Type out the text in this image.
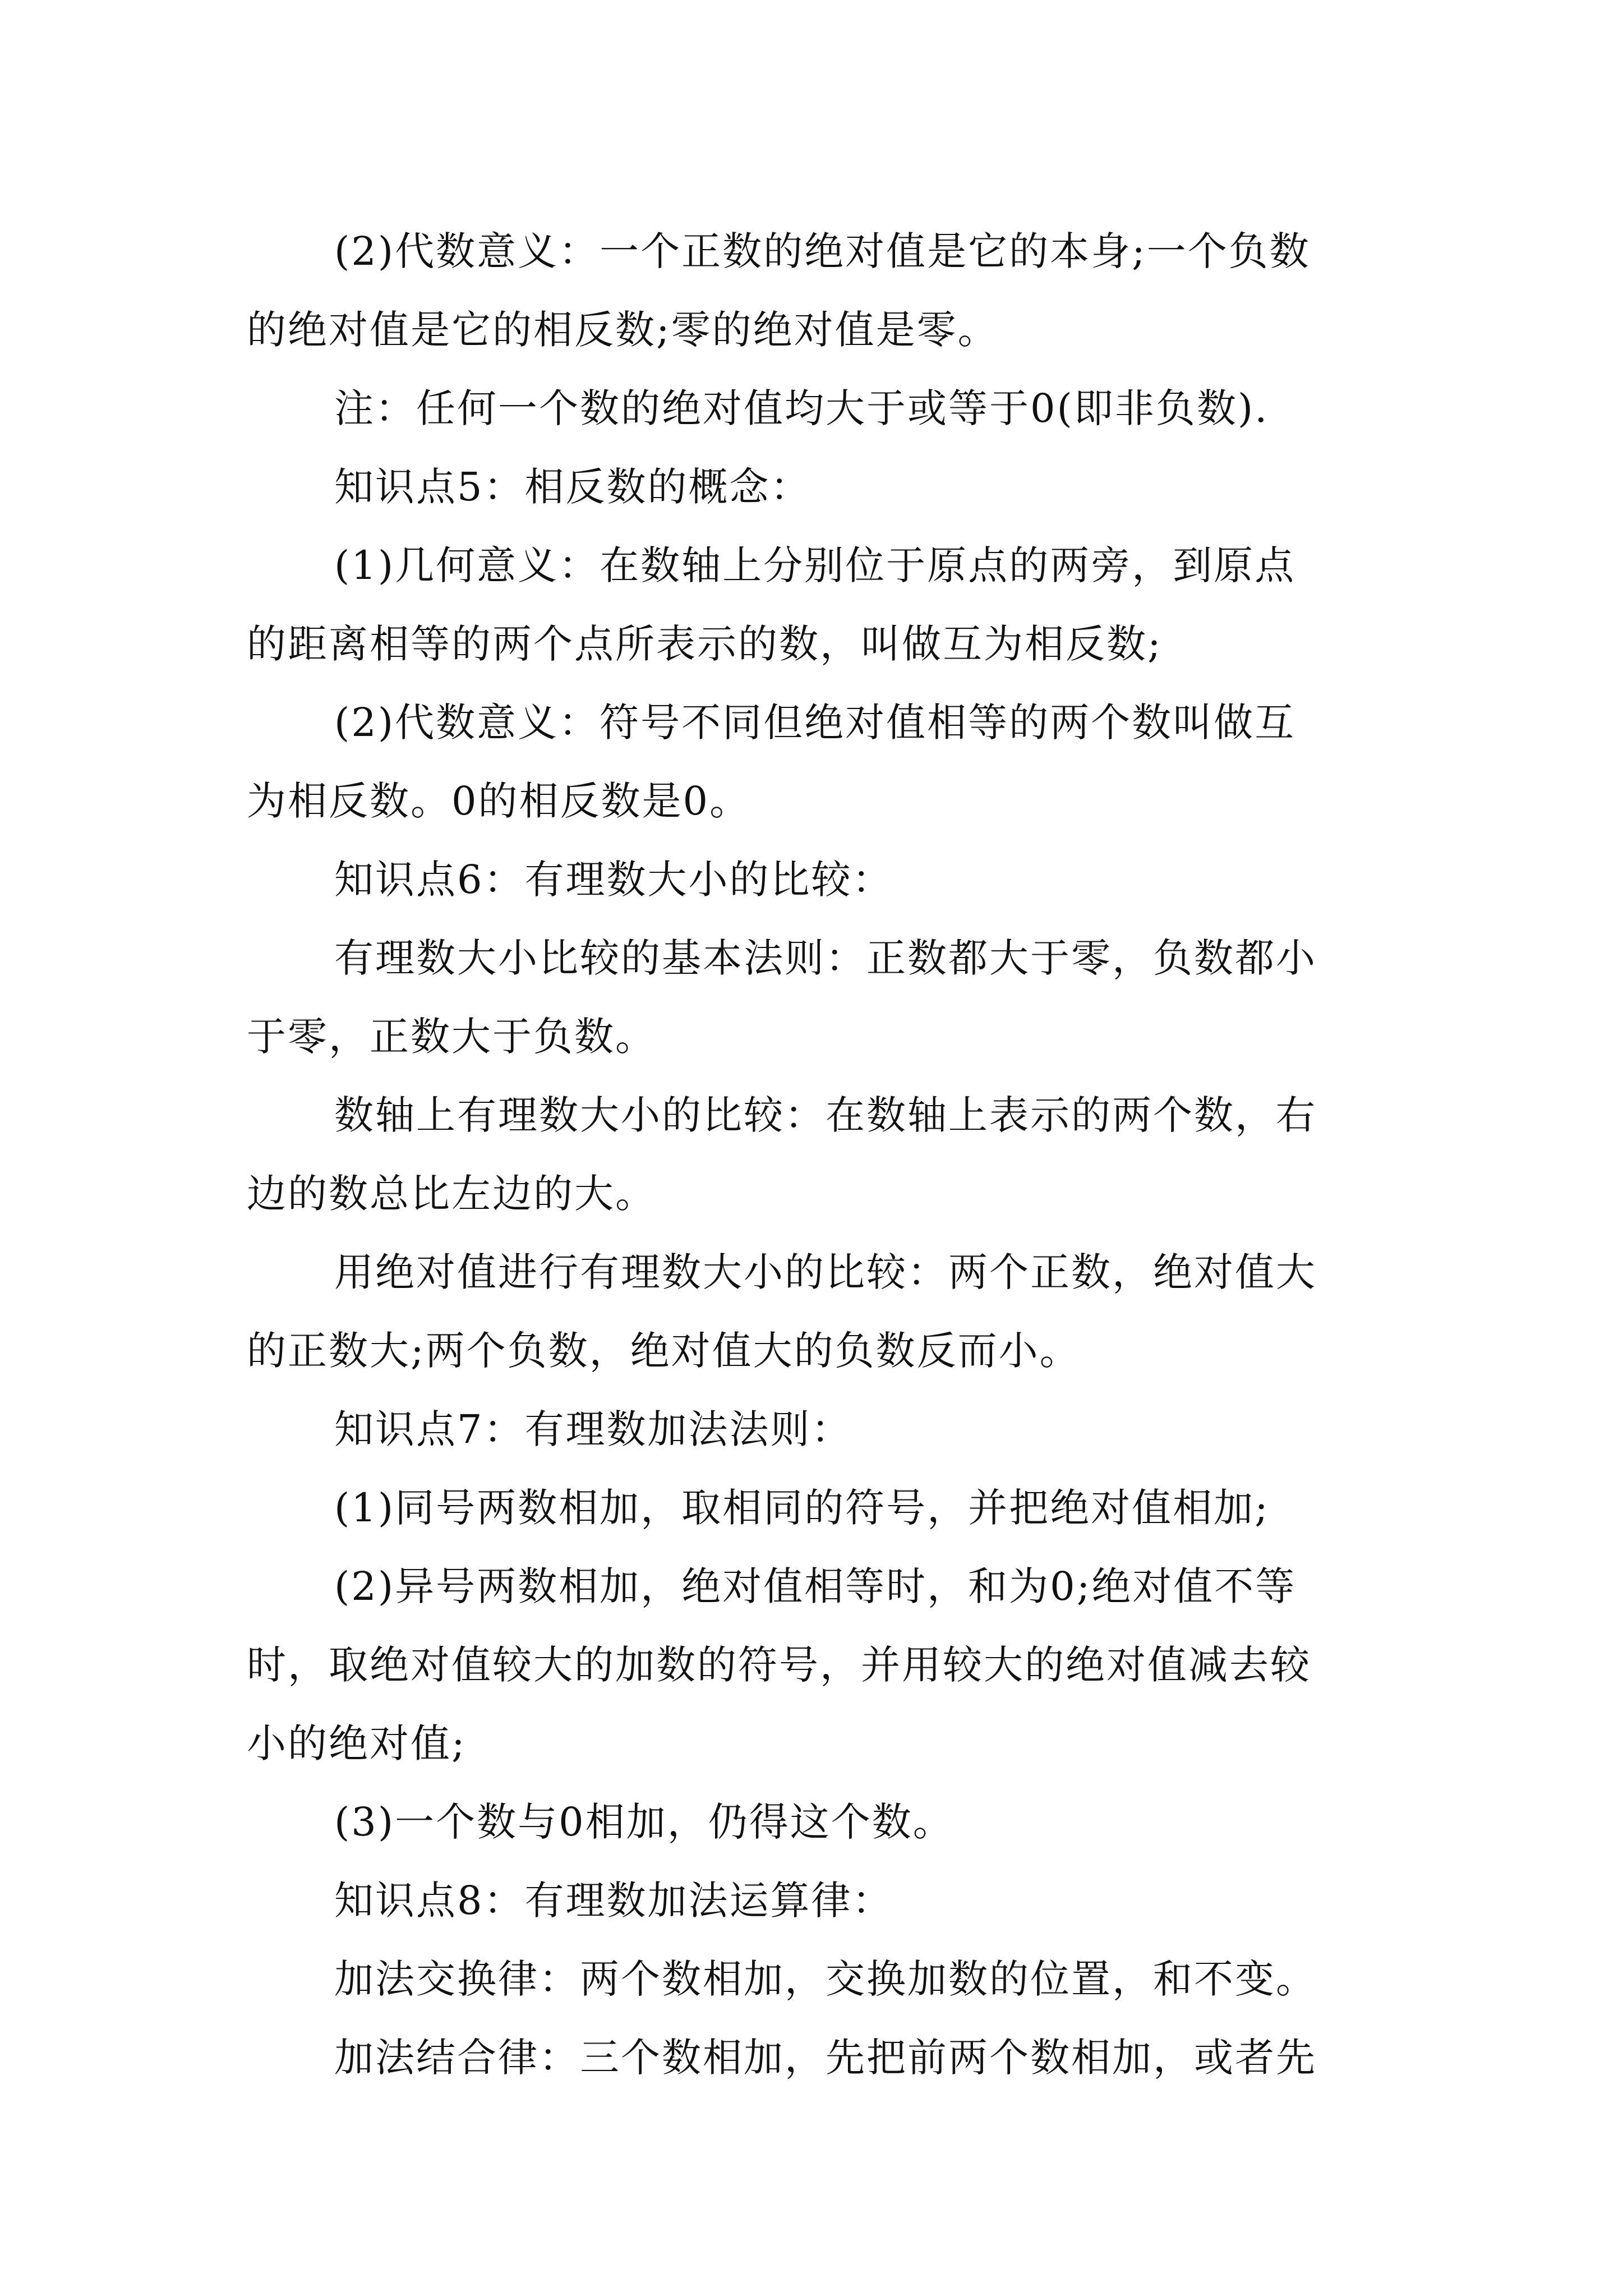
(2)代数意义：一个正数的绝对值是它的本身;一个负数
的绝对值是它的相反数;零的绝对值是零。
注：任何一个数的绝对值均大于或等于0(即非负数).
知识点5：相反数的概念：
(1)几何意义：在数轴上分别位于原点的两旁，到原点
的距离相等的两个点所表示的数，叫做互为相反数;
(2)代数意义：符号不同但绝对值相等的两个数叫做互
为相反数。0的相反数是0。
知识点6：有理数大小的比较：
有理数大小比较的基本法则：正数都大于零，负数都小
于零，正数大于负数。
数轴上有理数大小的比较：在数轴上表示的两个数，右
边的数总比左边的大。
用绝对值进行有理数大小的比较：两个正数，绝对值大
的正数大;两个负数，绝对值大的负数反而小。
知识点7：有理数加法法则：
(1)同号两数相加，取相同的符号，并把绝对值相加;
(2)异号两数相加，绝对值相等时，和为0;绝对值不等
时，取绝对值较大的加数的符号，并用较大的绝对值减去较
小的绝对值;
(3)一个数与0相加，仍得这个数。
知识点8：有理数加法运算律：
加法交换律：两个数相加，交换加数的位置，和不变。
加法结合律：三个数相加，先把前两个数相加，或者先
